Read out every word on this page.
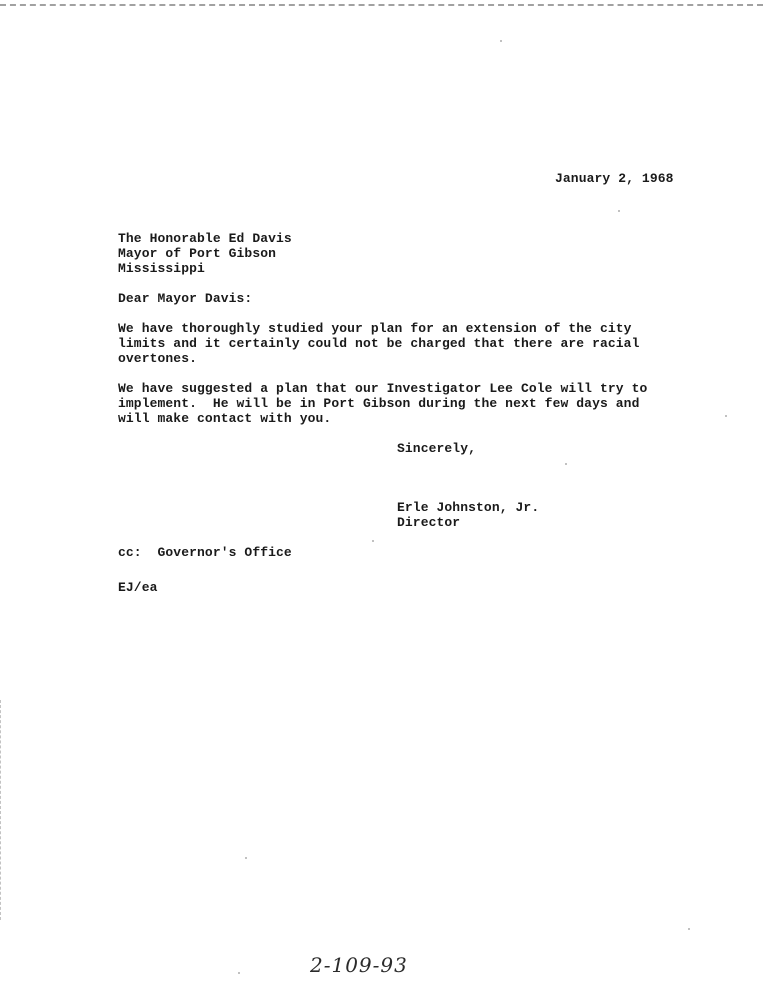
January 2, 1968
The Honorable Ed Davis
Mayor of Port Gibson
Mississippi
Dear Mayor Davis:
We have thoroughly studied your plan for an extension of the city
limits and it certainly could not be charged that there are racial
overtones.
We have suggested a plan that our Investigator Lee Cole will try to
implement.  He will be in Port Gibson during the next few days and
will make contact with you.
Sincerely,
Erle Johnston, Jr.
Director
cc:  Governor's Office
EJ/ea
2-109-93
